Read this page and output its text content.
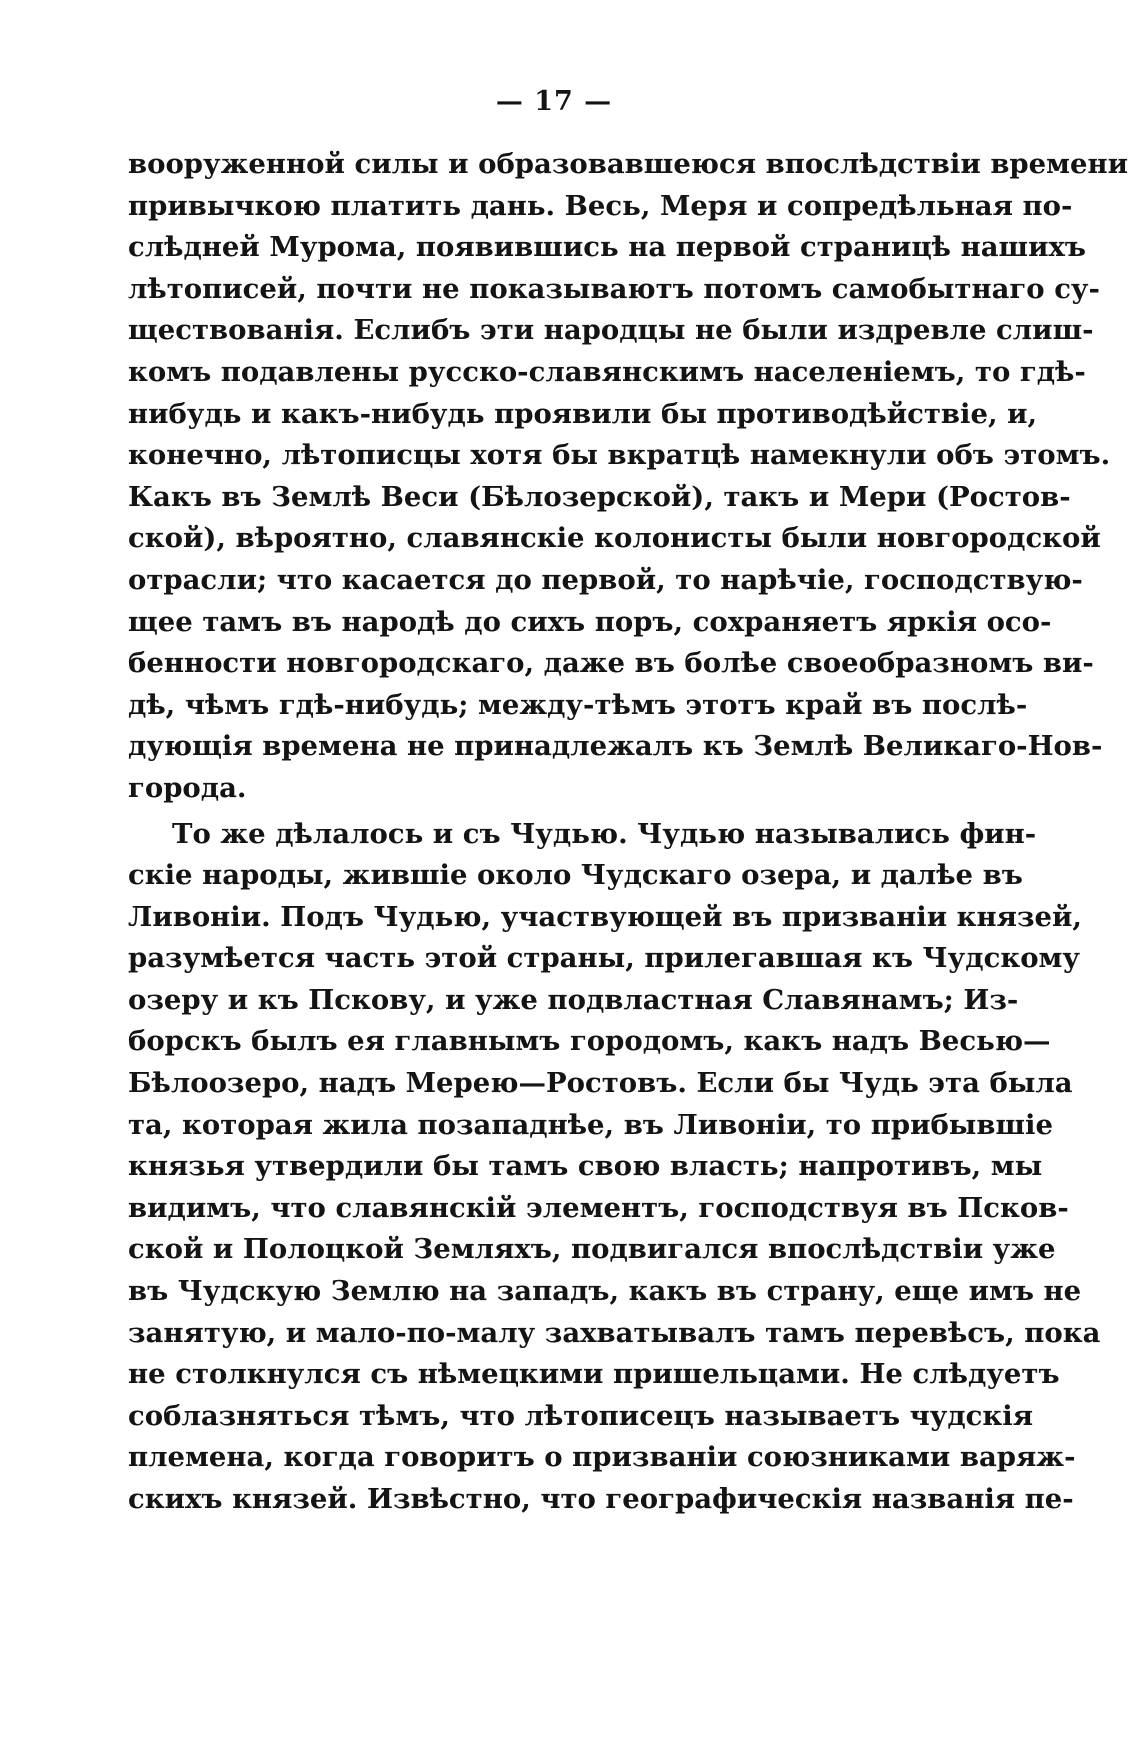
— 17 —
вооруженной силы и образовавшеюся впослѣдствіи времени
привычкою платить дань. Весь, Меря и сопредѣльная по-
слѣдней Мурома, появившись на первой страницѣ нашихъ
лѣтописей, почти не показываютъ потомъ самобытнаго су-
ществованія. Еслибъ эти народцы не были издревле слиш-
комъ подавлены русско-славянскимъ населеніемъ, то гдѣ-
нибудь и какъ-нибудь проявили бы противодѣйствіе, и,
конечно, лѣтописцы хотя бы вкратцѣ намекнули объ этомъ.
Какъ въ Землѣ Веси (Бѣлозерской), такъ и Мери (Ростов-
ской), вѣроятно, славянскіе колонисты были новгородской
отрасли; что касается до первой, то нарѣчіе, господствую-
щее тамъ въ народѣ до сихъ поръ, сохраняетъ яркія осо-
бенности новгородскаго, даже въ болѣе своеобразномъ ви-
дѣ, чѣмъ гдѣ-нибудь; между-тѣмъ этотъ край въ послѣ-
дующія времена не принадлежалъ къ Землѣ Великаго-Нов-
города.
То же дѣлалось и съ Чудью. Чудью назывались фин-
скіе народы, жившіе около Чудскаго озера, и далѣе въ
Ливоніи. Подъ Чудью, участвующей въ призваніи князей,
разумѣется часть этой страны, прилегавшая къ Чудскому
озеру и къ Пскову, и уже подвластная Славянамъ; Из-
борскъ былъ ея главнымъ городомъ, какъ надъ Весью—
Бѣлоозеро, надъ Мерею—Ростовъ. Если бы Чудь эта была
та, которая жила позападнѣе, въ Ливоніи, то прибывшіе
князья утвердили бы тамъ свою власть; напротивъ, мы
видимъ, что славянскій элементъ, господствуя въ Псков-
ской и Полоцкой Земляхъ, подвигался впослѣдствіи уже
въ Чудскую Землю на западъ, какъ въ страну, еще имъ не
занятую, и мало-по-малу захватывалъ тамъ перевѣсъ, пока
не столкнулся съ нѣмецкими пришельцами. Не слѣдуетъ
соблазняться тѣмъ, что лѣтописецъ называетъ чудскія
племена, когда говоритъ о призваніи союзниками варяж-
скихъ князей. Извѣстно, что географическія названія пе-
